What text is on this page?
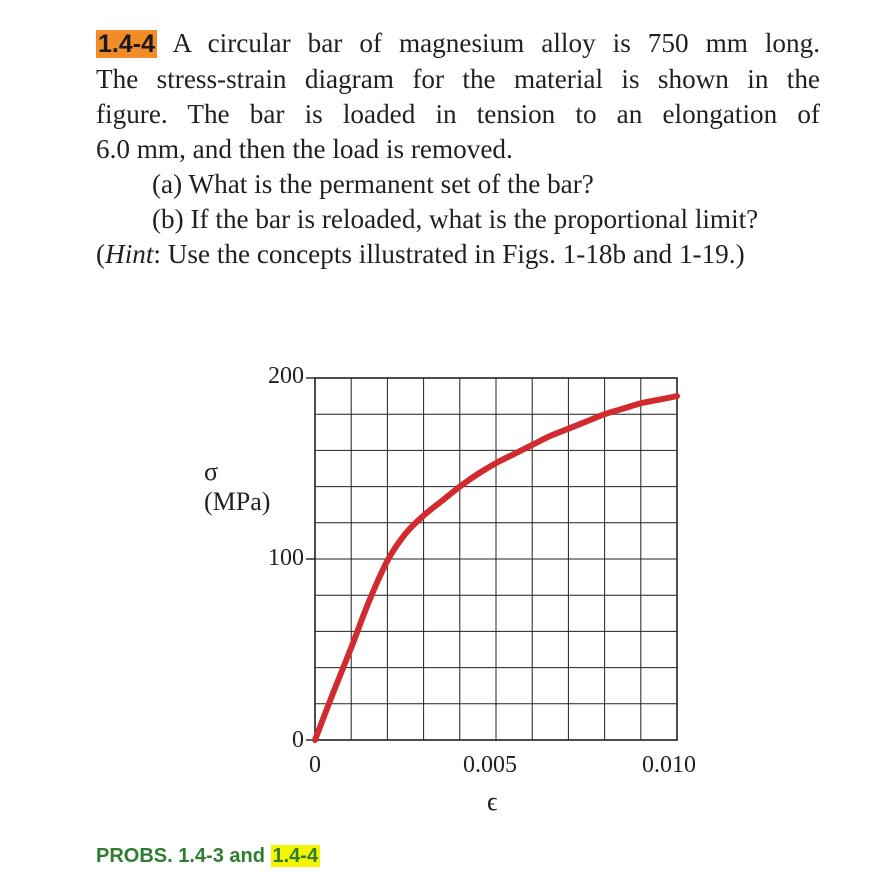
1.4-4 A circular bar of magnesium alloy is 750 mm long.
The stress-strain diagram for the material is shown in the
figure. The bar is loaded in tension to an elongation of
6.0 mm, and then the load is removed.
(a) What is the permanent set of the bar?
(b) If the bar is reloaded, what is the proportional limit?
(Hint: Use the concepts illustrated in Figs. 1-18b and 1-19.)
200
100
0
σ (MPa)
0	0.005	0.010
ϵ
PROBS. 1.4-3 and 1.4-4
